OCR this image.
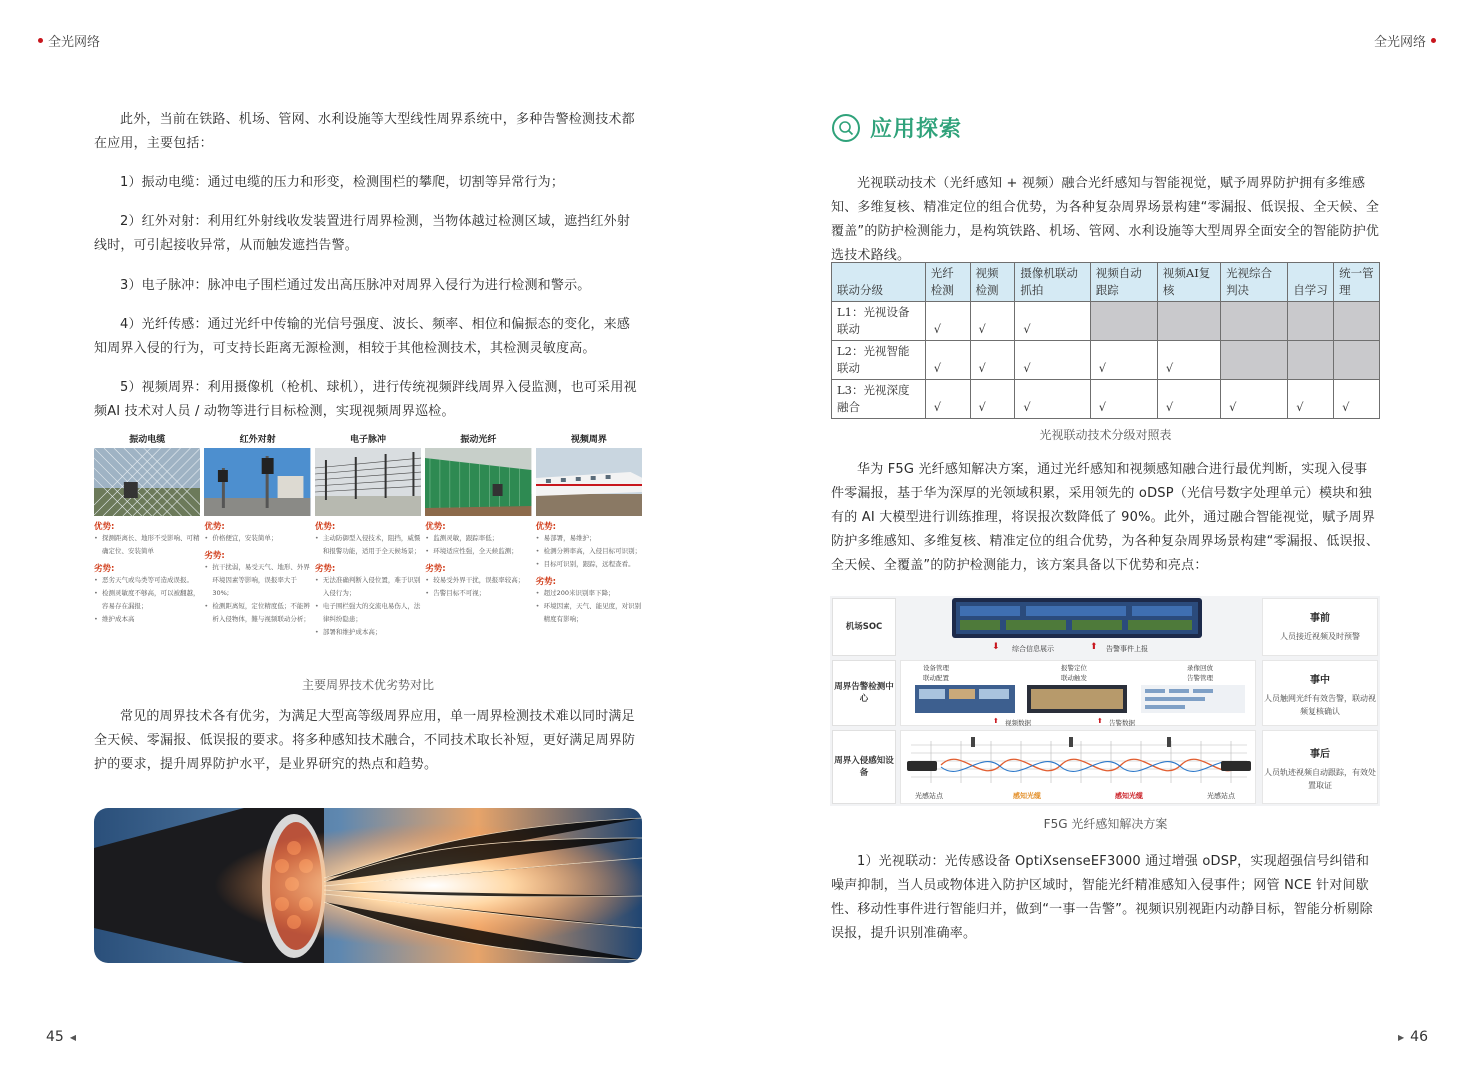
全光网络	全光网络
此外，当前在铁路、机场、管网、水利设施等大型线性周界系统中，多种告警检测技术都在应用，主要包括：
1）振动电缆：通过电缆的压力和形变，检测围栏的攀爬，切割等异常行为；
2）红外对射：利用红外射线收发装置进行周界检测，当物体越过检测区域，遮挡红外射线时，可引起接收异常，从而触发遮挡告警。
3）电子脉冲：脉冲电子围栏通过发出高压脉冲对周界入侵行为进行检测和警示。
4）光纤传感：通过光纤中传输的光信号强度、波长、频率、相位和偏振态的变化，来感知周界入侵的行为，可支持长距离无源检测，相较于其他检测技术，其检测灵敏度高。
5）视频周界：利用摄像机（枪机、球机），进行传统视频跘线周界入侵监测，也可采用视频AI 技术对人员 / 动物等进行目标检测，实现视频周界巡检。
振动电缆
优势:
• 探测距离长、地形不受影响、可精确定位、安装简单
劣势:
• 恶劣天气或鸟类等可造成误报。
• 检测灵敏度不够高，可以被翻越，容易存在漏报；
• 维护成本高
红外对射
优势:
• 价格便宜，安装简单；
劣势:
• 抗干扰弱，易受天气、地形、外界环境因素等影响，误报率大于30%;
• 检测距离短，定位精度低；不能辨析入侵物体，難与视频联动分析；
电子脉冲
优势:
• 主动防御型入侵技术，阻挡，威慑和报警功能，适用于全天候场景；
劣势:
• 无法准确判断入侵位置，难于识别入侵行为；
• 电子围栏强大的交流电易伤人，法律纠纷隐患；
• 部署和维护成本高；
振动光纤
优势:
• 监测灵敏，跟踪率低；
• 环境适应性强，全天候监测；
劣势:
• 较易受外界干扰，误报率较高；
• 告警目标不可视；
视频周界
优势:
• 易部署，易维护；
• 检测分辨率高，入侵目标可识别；
• 目标可识别，跟踪，远程查看。
劣势:
• 超过200米识别率下降；
• 环境因素，天气、能见度，对识别精度有影响；
主要周界技术优劣势对比
常见的周界技术各有优劣，为满足大型高等级周界应用，单一周界检测技术难以同时满足全天候、零漏报、低误报的要求。将多种感知技术融合，不同技术取长补短，更好满足周界防护的要求，提升周界防护水平，是业界研究的热点和趋势。
45 ◀
应用探索
光视联动技术（光纤感知 + 视频）融合光纤感知与智能视觉，赋予周界防护拥有多维感知、多维复核、精准定位的组合优势，为各种复杂周界场景构建“零漏报、低误报、全天候、全覆盖”的防护检测能力，是构筑铁路、机场、管网、水利设施等大型周界全面安全的智能防护优选技术路线。
联动分级	光纤检测	视频检测	摄像机联动抓拍	视频自动跟踪	视频AI复核	光视综合判决	自学习	统一管理
L1：光视设备联动	√	√	√					
L2：光视智能联动	√	√	√	√	√			
L3：光视深度融合	√	√	√	√	√	√	√	√
光视联动技术分级对照表
华为 F5G 光纤感知解决方案，通过光纤感知和视频感知融合进行最优判断，实现入侵事件零漏报，基于华为深厚的光领域积累，采用领先的 oDSP（光信号数字处理单元）模块和独有的 AI 大模型进行训练推理，将误报次数降低了 90%。此外，通过融合智能视觉，赋予周界防护多维感知、多维复核、精准定位的组合优势，为各种复杂周界场景构建“零漏报、低误报、全天候、全覆盖”的防护检测能力，该方案具备以下优势和亮点：
机场SOC
周界告警检测中心
周界入侵感知设备
综合信息展示	告警事件上报
⬇	⬆
设备管理
联动配置
报警定位
联动触发
录像回放
告警管理
⬆ 视频数据	⬆ 告警数据
光感站点	感知光缆	感知光缆	光感站点
事前
人员接近视频及时预警
事中
人员触网光纤有效告警，联动视频复核确认
事后
人员轨迹视频自动跟踪，有效处置取证
F5G 光纤感知解决方案
1）光视联动：光传感设备 OptiXsenseEF3000 通过增强 oDSP，实现超强信号纠错和噪声抑制，当人员或物体进入防护区域时，智能光纤精准感知入侵事件；网管 NCE 针对间歇性、移动性事件进行智能归并，做到“一事一告警”。视频识别视距内动静目标，智能分析剔除误报，提升识别准确率。
▶ 46
